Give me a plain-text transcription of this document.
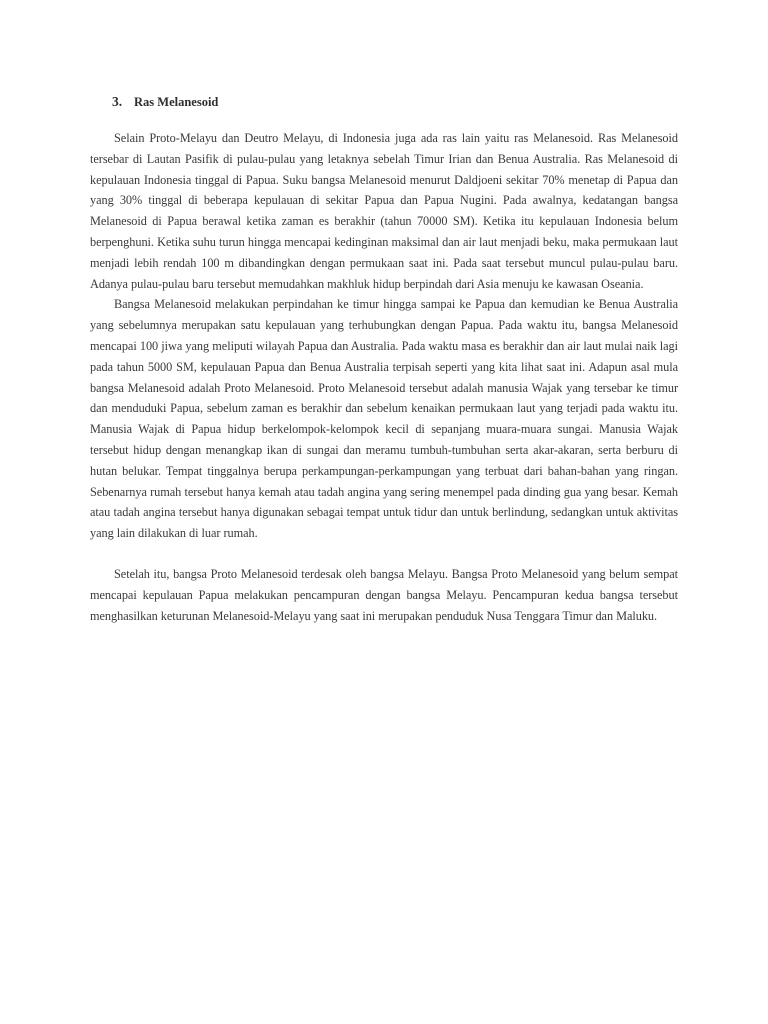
3. Ras Melanesoid

Selain Proto-Melayu dan Deutro Melayu, di Indonesia juga ada ras lain yaitu ras Melanesoid. Ras Melanesoid tersebar di Lautan Pasifik di pulau-pulau yang letaknya sebelah Timur Irian dan Benua Australia. Ras Melanesoid di kepulauan Indonesia tinggal di Papua. Suku bangsa Melanesoid menurut Daldjoeni sekitar 70% menetap di Papua dan yang 30% tinggal di beberapa kepulauan di sekitar Papua dan Papua Nugini. Pada awalnya, kedatangan bangsa Melanesoid di Papua berawal ketika zaman es berakhir (tahun 70000 SM). Ketika itu kepulauan Indonesia belum berpenghuni. Ketika suhu turun hingga mencapai kedinginan maksimal dan air laut menjadi beku, maka permukaan laut menjadi lebih rendah 100 m dibandingkan dengan permukaan saat ini. Pada saat tersebut muncul pulau-pulau baru. Adanya pulau-pulau baru tersebut memudahkan makhluk hidup berpindah dari Asia menuju ke kawasan Oseania.

Bangsa Melanesoid melakukan perpindahan ke timur hingga sampai ke Papua dan kemudian ke Benua Australia yang sebelumnya merupakan satu kepulauan yang terhubungkan dengan Papua. Pada waktu itu, bangsa Melanesoid mencapai 100 jiwa yang meliputi wilayah Papua dan Australia. Pada waktu masa es berakhir dan air laut mulai naik lagi pada tahun 5000 SM, kepulauan Papua dan Benua Australia terpisah seperti yang kita lihat saat ini. Adapun asal mula bangsa Melanesoid adalah Proto Melanesoid. Proto Melanesoid tersebut adalah manusia Wajak yang tersebar ke timur dan menduduki Papua, sebelum zaman es berakhir dan sebelum kenaikan permukaan laut yang terjadi pada waktu itu. Manusia Wajak di Papua hidup berkelompok-kelompok kecil di sepanjang muara-muara sungai. Manusia Wajak tersebut hidup dengan menangkap ikan di sungai dan meramu tumbuh-tumbuhan serta akar-akaran, serta berburu di hutan belukar. Tempat tinggalnya berupa perkampungan-perkampungan yang terbuat dari bahan-bahan yang ringan. Sebenarnya rumah tersebut hanya kemah atau tadah angina yang sering menempel pada dinding gua yang besar. Kemah atau tadah angina tersebut hanya digunakan sebagai tempat untuk tidur dan untuk berlindung, sedangkan untuk aktivitas yang lain dilakukan di luar rumah.

Setelah itu, bangsa Proto Melanesoid terdesak oleh bangsa Melayu. Bangsa Proto Melanesoid yang belum sempat mencapai kepulauan Papua melakukan pencampuran dengan bangsa Melayu. Pencampuran kedua bangsa tersebut menghasilkan keturunan Melanesoid-Melayu yang saat ini merupakan penduduk Nusa Tenggara Timur dan Maluku.
